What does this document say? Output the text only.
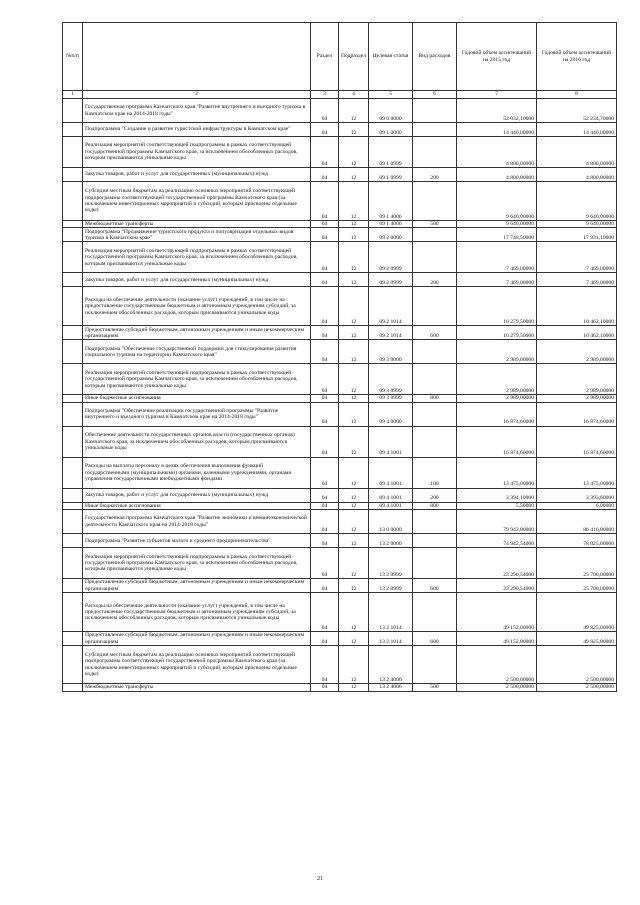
№п/п		Раздел	Подраздел	Целевая статья	Вид расходов	Годовой объем ассигнований на 2015 год	Годовой объем ассигнований на 2016 год
1	2	3	4	5	6	7	8
	Государственная программа Камчатского края "Развитие внутреннего и въездного туризма в Камчатском крае на 2014-2018 годы"	04	12	09 0 0000		52 032,10000	52 234,70000
	Подпрограмма "Создание и развитие туристской инфраструктуры в Камчатском крае"	04	12	09 1 0000		14 440,00000	14 440,00000
	Реализация мероприятий соответствующей подпрограммы в рамках соответствующей государственной программы Камчатского края, за исключением обособленных расходов, которым присваиваются уникальные коды	04	12	09 1 0999		4 800,00000	4 800,00000
	Закупка товаров, работ и услуг для государственных (муниципальных) нужд	04	12	09 1 0999	200	4 800,00000	4 800,00000
	Субсидии местным бюджетам на реализацию основных мероприятий соответствующей подпрограммы соответствующей государственной программы Камчатского края (за исключением инвестиционных мероприятий и субсидий, которым присвоены отдельные коды)	04	12	09 1 4006		9 640,00000	9 640,00000
	Межбюджетные трансферты	04	12	09 1 4006	500	9 640,00000	9 640,00000
	Подпрограмма "Продвижение туристского продукта и популяризация отдельных видов туризма в Камчатском крае"	04	12	09 2 0000		17 748,50000	17 931,10000
	Реализация мероприятий соответствующей подпрограммы в рамках соответствующей государственной программы Камчатского края, за исключением обособленных расходов, которым присваиваются уникальные коды	04	12	09 2 0999		7 469,00000	7 469,00000
	Закупка товаров, работ и услуг для государственных (муниципальных) нужд	04	12	09 2 0999	200	7 469,00000	7 469,00000
	Расходы на обеспечение деятельности (оказание услуг) учреждений, в том числе на предоставление государственным бюджетным и автономным учреждениям субсидий, за исключением обособленных расходов, которым присваиваются уникальные коды	04	12	09 2 1014		10 279,50000	10 462,10000
	Предоставление субсидий бюджетным, автономным учреждениям и иным некоммерческим организациям	04	12	09 2 1014	600	10 279,50000	10 462,10000
	Подпрограмма "Обеспечение государственной поддержки для стимулирования развития социального туризма на территории Камчатского края"	04	12	09 3 0000		2 989,00000	2 989,00000
	Реализация мероприятий соответствующей подпрограммы в рамках соответствующей государственной программы Камчатского края, за исключением обособленных расходов, которым присваиваются уникальные коды	04	12	09 3 0999		2 989,00000	2 989,00000
	Иные бюджетные ассигнования	04	12	09 3 0999	800	2 989,00000	2 989,00000
	Подпрограмма "Обеспечение реализации государственной программы "Развитие внутреннего и въездного туризма в Камчатском крае на 2014-2018 годы"	04	12	09 4 0000		16 874,60000	16 874,60000
	Обеспечение деятельности государственных органов власти (государственных органов) Камчатского края, за исключением обособленных расходов, которым присваиваются уникальные коды	04	12	09 4 1001		16 874,60000	16 874,60000
	Расходы на выплаты персоналу в целях обеспечения выполнения функций государственными (муниципальными) органами, казенными учреждениями, органами управления государственными внебюджетными фондами	04	12	09 4 1001	100	13 475,00000	13 475,00000
	Закупка товаров, работ и услуг для государственных (муниципальных) нужд	04	12	09 4 1001	200	3 394,10000	3 393,60000
	Иные бюджетные ассигнования	04	12	09 4 1001	800	5,50000	6,00000
	Государственная программа Камчатского края "Развитие экономики и внешнеэкономической деятельности Камчатского края на 2014-2018 годы"	04	12	13 0 0000		79 943,00000	86 416,00000
	Подпрограмма "Развитие субъектов малого и среднего предпринимательства"	04	12	13 2 0000		74 942,54000	78 025,00000
	Реализация мероприятий соответствующей подпрограммы в рамках соответствующей государственной программы Камчатского края, за исключением обособленных расходов, которым присваиваются уникальные коды	04	12	13 2 0999		23 290,54000	25 700,00000
	Предоставление субсидий бюджетным, автономным учреждениям и иным некоммерческим организациям	04	12	13 2 0999	600	23 290,54000	25 700,00000
	Расходы на обеспечение деятельности (оказание услуг) учреждений, в том числе на предоставление государственным бюджетным и автономным учреждениям субсидий, за исключением обособленных расходов, которым присваиваются уникальные коды	04	12	13 2 1014		49 152,00000	49 825,00000
	Предоставление субсидий бюджетным, автономным учреждениям и иным некоммерческим организациям	04	12	13 2 1014	600	49 152,00000	49 825,00000
	Субсидии местным бюджетам на реализацию основных мероприятий соответствующей подпрограммы соответствующей государственной программы Камчатского края (за исключением инвестиционных мероприятий и субсидий, которым присвоены отдельные коды)	04	12	13 2 4006		2 500,00000	2 500,00000
	Межбюджетные трансферты	04	12	13 2 4006	500	2 500,00000	2 500,00000
21
